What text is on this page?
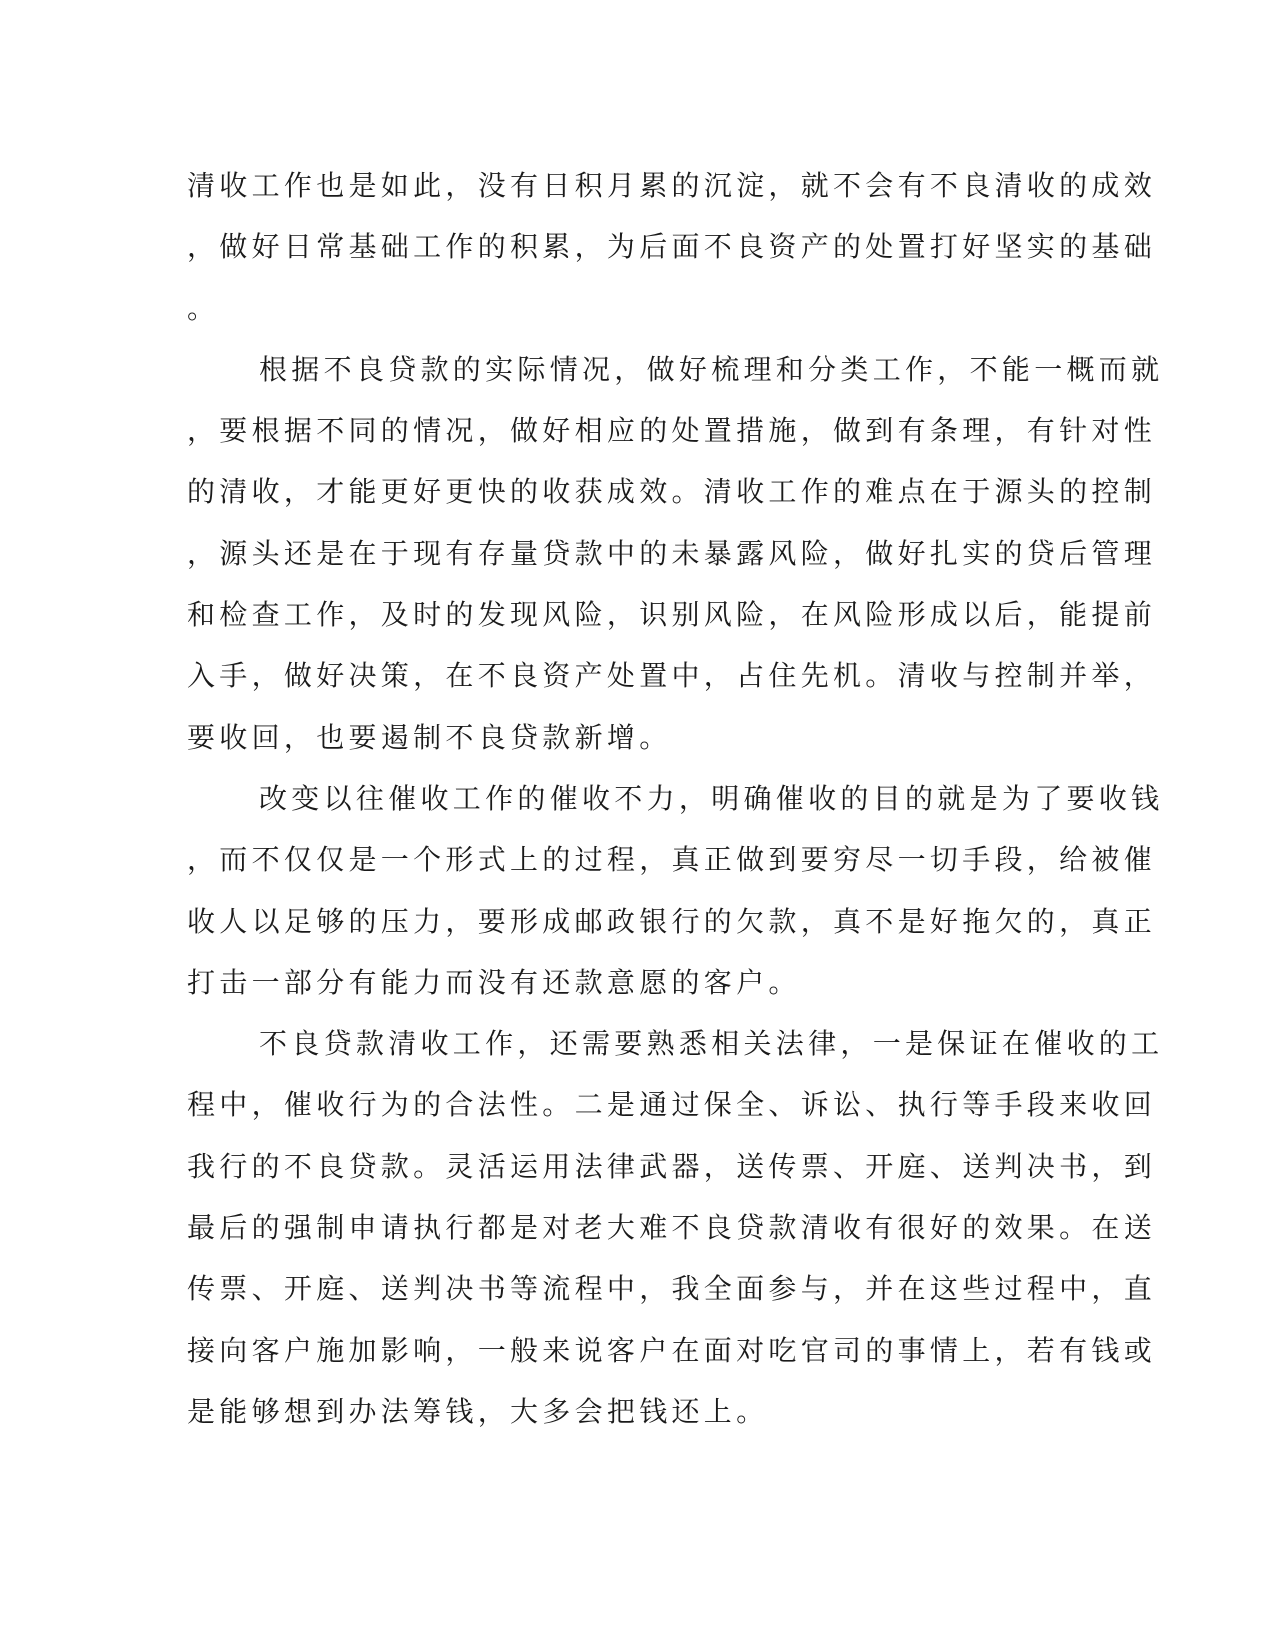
清收工作也是如此，没有日积月累的沉淀，就不会有不良清收的成效
，做好日常基础工作的积累，为后面不良资产的处置打好坚实的基础
。
根据不良贷款的实际情况，做好梳理和分类工作，不能一概而就
，要根据不同的情况，做好相应的处置措施，做到有条理，有针对性
的清收，才能更好更快的收获成效。清收工作的难点在于源头的控制
，源头还是在于现有存量贷款中的未暴露风险，做好扎实的贷后管理
和检查工作，及时的发现风险，识别风险，在风险形成以后，能提前
入手，做好决策，在不良资产处置中，占住先机。清收与控制并举，
要收回，也要遏制不良贷款新增。
改变以往催收工作的催收不力，明确催收的目的就是为了要收钱
，而不仅仅是一个形式上的过程，真正做到要穷尽一切手段，给被催
收人以足够的压力，要形成邮政银行的欠款，真不是好拖欠的，真正
打击一部分有能力而没有还款意愿的客户。
不良贷款清收工作，还需要熟悉相关法律，一是保证在催收的工
程中，催收行为的合法性。二是通过保全、诉讼、执行等手段来收回
我行的不良贷款。灵活运用法律武器，送传票、开庭、送判决书，到
最后的强制申请执行都是对老大难不良贷款清收有很好的效果。在送
传票、开庭、送判决书等流程中，我全面参与，并在这些过程中，直
接向客户施加影响，一般来说客户在面对吃官司的事情上，若有钱或
是能够想到办法筹钱，大多会把钱还上。
